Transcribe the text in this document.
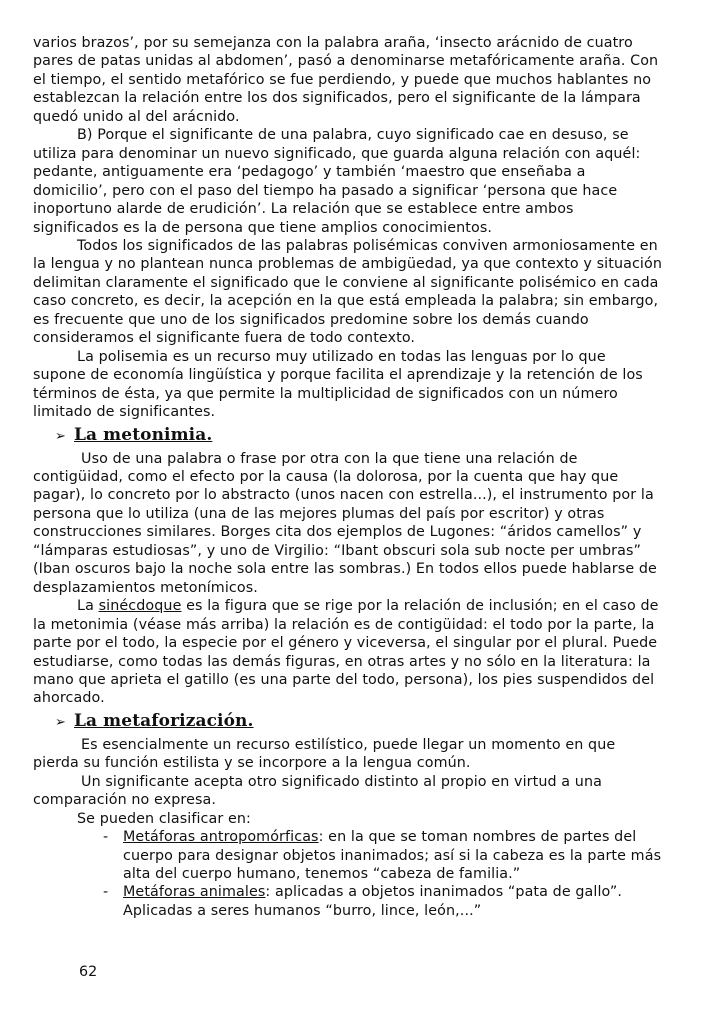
varios brazos’, por su semejanza con la palabra araña, ‘insecto arácnido de cuatro pares de patas unidas al abdomen’, pasó a denominarse metafóricamente araña. Con el tiempo, el sentido metafórico se fue perdiendo, y puede que muchos hablantes no establezcan la relación entre los dos significados, pero el significante de la lámpara quedó unido al del arácnido.

B) Porque el significante de una palabra, cuyo significado cae en desuso, se utiliza para denominar un nuevo significado, que guarda alguna relación con aquél: pedante, antiguamente era ‘pedagogo’ y también ‘maestro que enseñaba a domicilio’, pero con el paso del tiempo ha pasado a significar ‘persona que hace inoportuno alarde de erudición’. La relación que se establece entre ambos significados es la de persona que tiene amplios conocimientos.

Todos los significados de las palabras polisémicas conviven armoniosamente en la lengua y no plantean nunca problemas de ambigüedad, ya que contexto y situación delimitan claramente el significado que le conviene al significante polisémico en cada caso concreto, es decir, la acepción en la que está empleada la palabra; sin embargo, es frecuente que uno de los significados predomine sobre los demás cuando consideramos el significante fuera de todo contexto.

La polisemia es un recurso muy utilizado en todas las lenguas por lo que supone de economía lingüística y porque facilita el aprendizaje y la retención de los términos de ésta, ya que permite la multiplicidad de significados con un número limitado de significantes.

➢ La metonimia.

Uso de una palabra o frase por otra con la que tiene una relación de contigüidad, como el efecto por la causa (la dolorosa, por la cuenta que hay que pagar), lo concreto por lo abstracto (unos nacen con estrella...), el instrumento por la persona que lo utiliza (una de las mejores plumas del país por escritor) y otras construcciones similares. Borges cita dos ejemplos de Lugones: “áridos camellos” y “lámparas estudiosas”, y uno de Virgilio: “Ibant obscuri sola sub nocte per umbras” (Iban oscuros bajo la noche sola entre las sombras.) En todos ellos puede hablarse de desplazamientos metonímicos.

La sinécdoque es la figura que se rige por la relación de inclusión; en el caso de la metonimia (véase más arriba) la relación es de contigüidad: el todo por la parte, la parte por el todo, la especie por el género y viceversa, el singular por el plural. Puede estudiarse, como todas las demás figuras, en otras artes y no sólo en la literatura: la mano que aprieta el gatillo (es una parte del todo, persona), los pies suspendidos del ahorcado.

➢ La metaforización.

Es esencialmente un recurso estilístico, puede llegar un momento en que pierda su función estilista y se incorpore a la lengua común.

Un significante acepta otro significado distinto al propio en virtud a una comparación no expresa.

Se pueden clasificar en:

- Metáforas antropomórficas: en la que se toman nombres de partes del cuerpo para designar objetos inanimados; así si la cabeza es la parte más alta del cuerpo humano, tenemos “cabeza de familia.”
- Metáforas animales: aplicadas a objetos inanimados “pata de gallo”. Aplicadas a seres humanos “burro, lince, león,...”
62
